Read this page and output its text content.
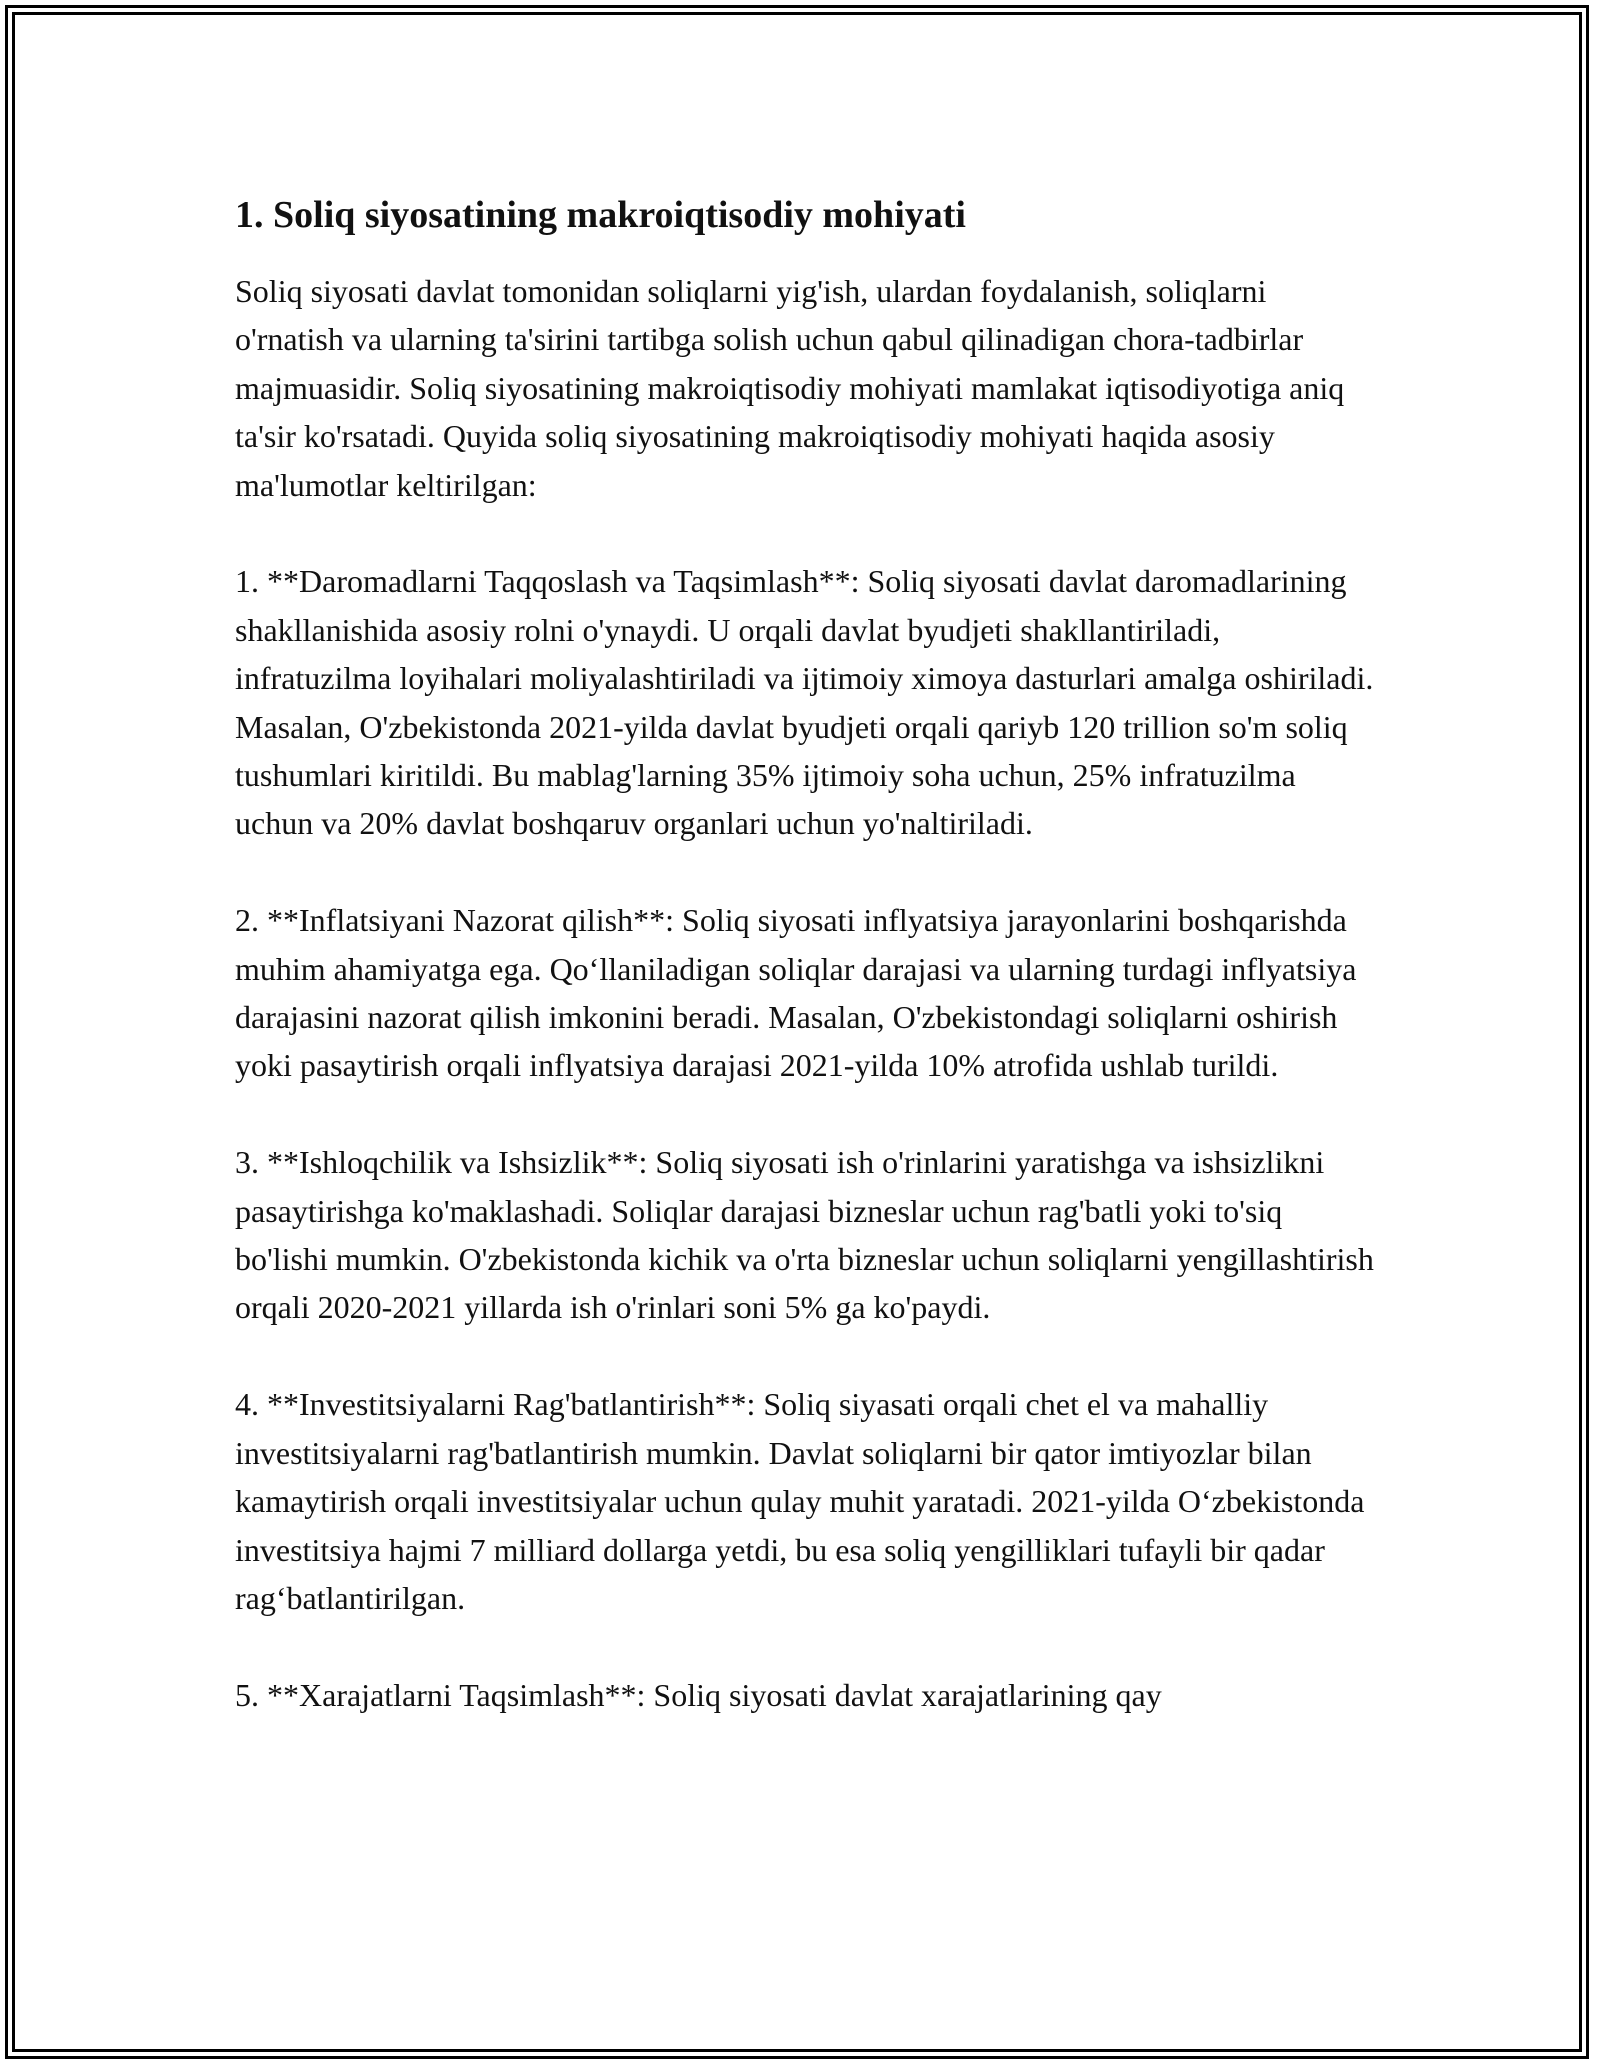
1. Soliq siyosatining makroiqtisodiy mohiyati

Soliq siyosati davlat tomonidan soliqlarni yig'ish, ulardan foydalanish, soliqlarni o'rnatish va ularning ta'sirini tartibga solish uchun qabul qilinadigan chora-tadbirlar majmuasidir. Soliq siyosatining makroiqtisodiy mohiyati mamlakat iqtisodiyotiga aniq ta'sir ko'rsatadi. Quyida soliq siyosatining makroiqtisodiy mohiyati haqida asosiy ma'lumotlar keltirilgan:

1. **Daromadlarni Taqqoslash va Taqsimlash**: Soliq siyosati davlat daromadlarining shakllanishida asosiy rolni o'ynaydi. U orqali davlat byudjeti shakllantiriladi, infratuzilma loyihalari moliyalashtiriladi va ijtimoiy ximoya dasturlari amalga oshiriladi. Masalan, O'zbekistonda 2021-yilda davlat byudjeti orqali qariyb 120 trillion so'm soliq tushumlari kiritildi. Bu mablag'larning 35% ijtimoiy soha uchun, 25% infratuzilma uchun va 20% davlat boshqaruv organlari uchun yo'naltiriladi.

2. **Inflatsiyani Nazorat qilish**: Soliq siyosati inflyatsiya jarayonlarini boshqarishda muhim ahamiyatga ega. Qo‘llaniladigan soliqlar darajasi va ularning turdagi inflyatsiya darajasini nazorat qilish imkonini beradi. Masalan, O'zbekistondagi soliqlarni oshirish yoki pasaytirish orqali inflyatsiya darajasi 2021-yilda 10% atrofida ushlab turildi.

3. **Ishloqchilik va Ishsizlik**: Soliq siyosati ish o'rinlarini yaratishga va ishsizlikni pasaytirishga ko'maklashadi. Soliqlar darajasi bizneslar uchun rag'batli yoki to'siq bo'lishi mumkin. O'zbekistonda kichik va o'rta bizneslar uchun soliqlarni yengillashtirish orqali 2020-2021 yillarda ish o'rinlari soni 5% ga ko'paydi.

4. **Investitsiyalarni Rag'batlantirish**: Soliq siyasati orqali chet el va mahalliy investitsiyalarni rag'batlantirish mumkin. Davlat soliqlarni bir qator imtiyozlar bilan kamaytirish orqali investitsiyalar uchun qulay muhit yaratadi. 2021-yilda O‘zbekistonda investitsiya hajmi 7 milliard dollarga yetdi, bu esa soliq yengilliklari tufayli bir qadar rag‘batlantirilgan.

5. **Xarajatlarni Taqsimlash**: Soliq siyosati davlat xarajatlarining qay
